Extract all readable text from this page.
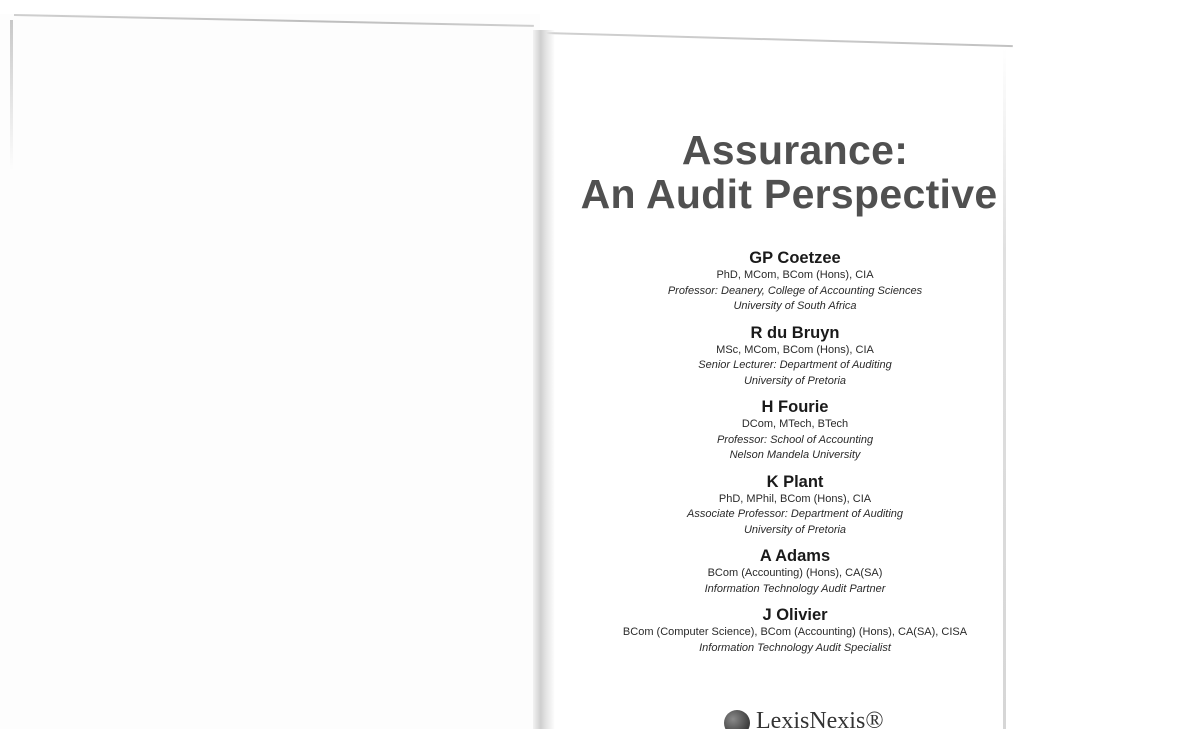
Assurance:

An Audit Perspective
GP Coetzee
PhD, MCom, BCom (Hons), CIA
Professor: Deanery, College of Accounting Sciences
University of South Africa
R du Bruyn
MSc, MCom, BCom (Hons), CIA
Senior Lecturer: Department of Auditing
University of Pretoria
H Fourie
DCom, MTech, BTech
Professor: School of Accounting
Nelson Mandela University
K Plant
PhD, MPhil, BCom (Hons), CIA
Associate Professor: Department of Auditing
University of Pretoria
A Adams
BCom (Accounting) (Hons), CA(SA)
Information Technology Audit Partner
J Olivier
BCom (Computer Science), BCom (Accounting) (Hons), CA(SA), CISA
Information Technology Audit Specialist
LexisNexis®
